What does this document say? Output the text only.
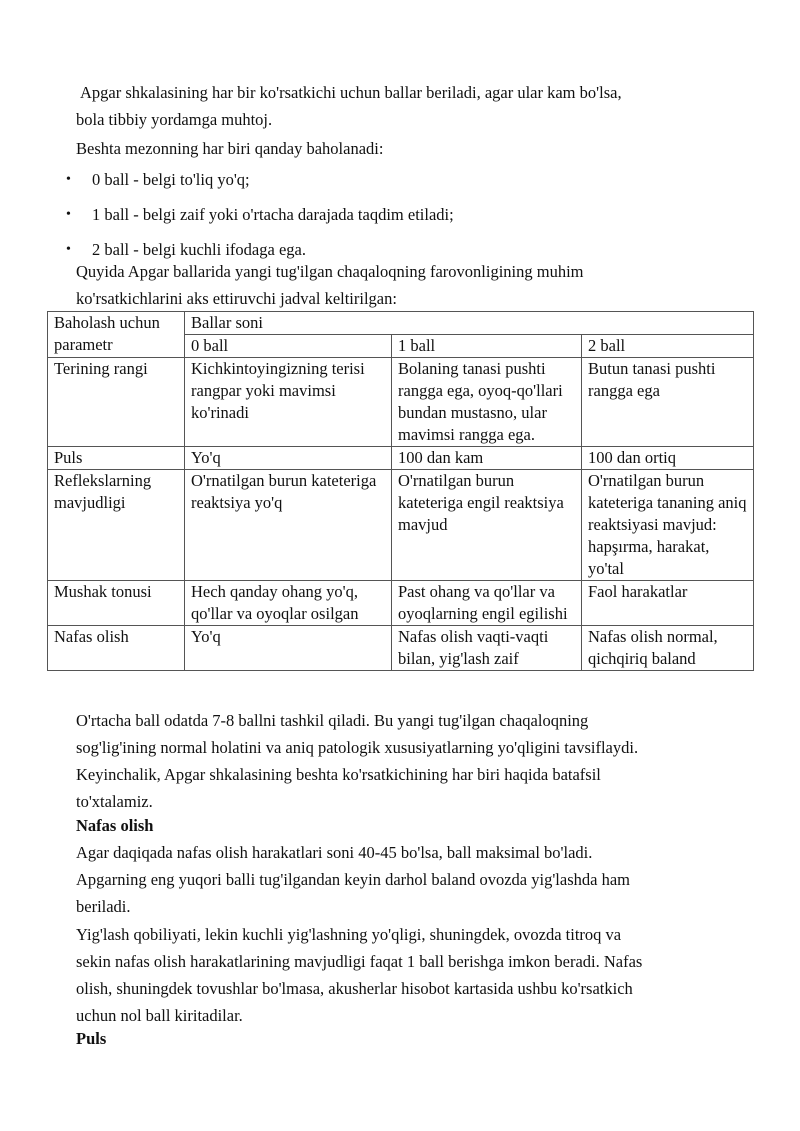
Apgar shkalasining har bir ko'rsatkichi uchun ballar beriladi, agar ular kam bo'lsa,

bola tibbiy yordamga muhtoj.

Beshta mezonning har biri qanday baholanadi:

• 0 ball - belgi to'liq yo'q;
• 1 ball - belgi zaif yoki o'rtacha darajada taqdim etiladi;
• 2 ball - belgi kuchli ifodaga ega.

Quyida Apgar ballarida yangi tug'ilgan chaqaloqning farovonligining muhim

ko'rsatkichlarini aks ettiruvchi jadval keltirilgan:

Baholash uchun parametr	Ballar soni		
	0 ball	1 ball	2 ball
Terining rangi	Kichkintoyingizning terisi rangpar yoki mavimsi ko'rinadi	Bolaning tanasi pushti rangga ega, oyoq-qo'llari bundan mustasno, ular mavimsi rangga ega.	Butun tanasi pushti rangga ega
Puls	Yo'q	100 dan kam	100 dan ortiq
Reflekslarning mavjudligi	O'rnatilgan burun kateteriga reaktsiya yo'q	O'rnatilgan burun kateteriga engil reaktsiya mavjud	O'rnatilgan burun kateteriga tananing aniq reaktsiyasi mavjud: hapşırma, harakat, yo'tal
Mushak tonusi	Hech qanday ohang yo'q, qo'llar va oyoqlar osilgan	Past ohang va qo'llar va oyoqlarning engil egilishi	Faol harakatlar
Nafas olish	Yo'q	Nafas olish vaqti-vaqti bilan, yig'lash zaif	Nafas olish normal, qichqiriq baland

O'rtacha ball odatda 7-8 ballni tashkil qiladi. Bu yangi tug'ilgan chaqaloqning

sog'lig'ining normal holatini va aniq patologik xususiyatlarning yo'qligini tavsiflaydi.

Keyinchalik, Apgar shkalasining beshta ko'rsatkichining har biri haqida batafsil

to'xtalamiz.

Nafas olish

Agar daqiqada nafas olish harakatlari soni 40-45 bo'lsa, ball maksimal bo'ladi.

Apgarning eng yuqori balli tug'ilgandan keyin darhol baland ovozda yig'lashda ham

beriladi.

Yig'lash qobiliyati, lekin kuchli yig'lashning yo'qligi, shuningdek, ovozda titroq va

sekin nafas olish harakatlarining mavjudligi faqat 1 ball berishga imkon beradi. Nafas

olish, shuningdek tovushlar bo'lmasa, akusherlar hisobot kartasida ushbu ko'rsatkich

uchun nol ball kiritadilar.

Puls
